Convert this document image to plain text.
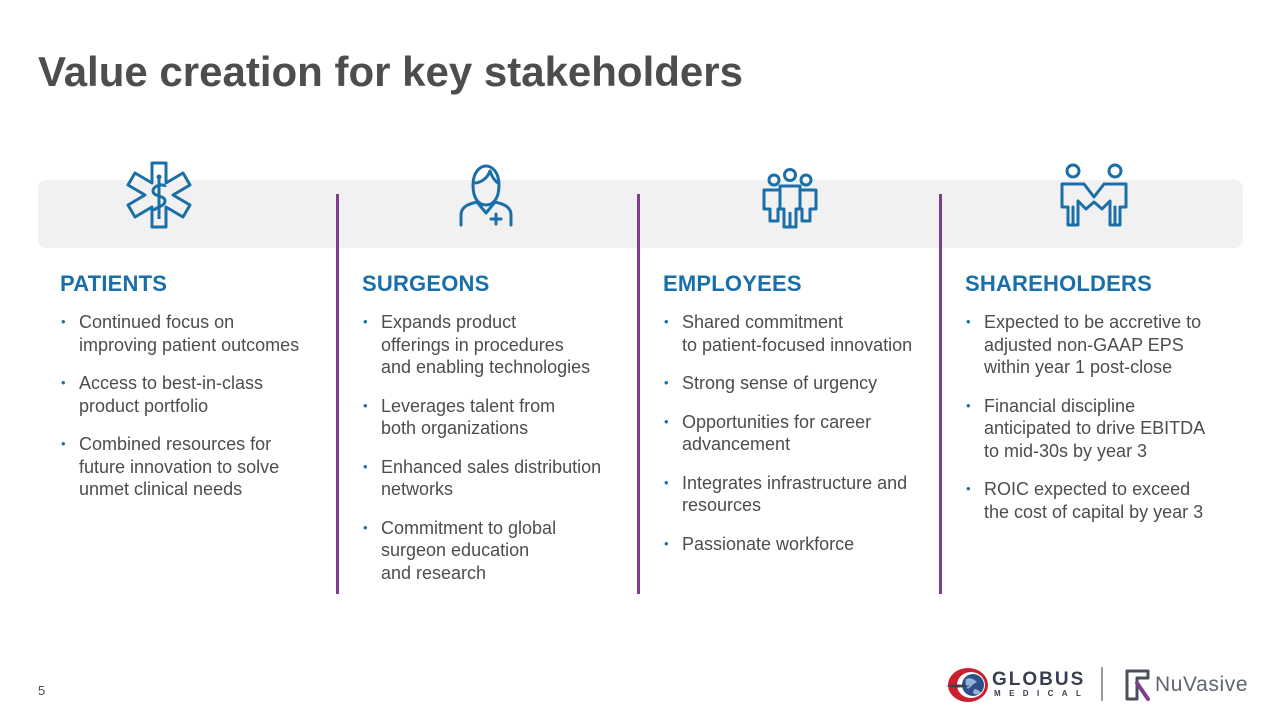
Value creation for key stakeholders
PATIENTS
• Continued focus on
improving patient outcomes
• Access to best-in-class
product portfolio
• Combined resources for
future innovation to solve
unmet clinical needs
SURGEONS
• Expands product
offerings in procedures
and enabling technologies
• Leverages talent from
both organizations
• Enhanced sales distribution
networks
• Commitment to global
surgeon education
and research
EMPLOYEES
• Shared commitment
to patient-focused innovation
• Strong sense of urgency
• Opportunities for career
advancement
• Integrates infrastructure and
resources
• Passionate workforce
SHAREHOLDERS
• Expected to be accretive to
adjusted non-GAAP EPS
within year 1 post-close
• Financial discipline
anticipated to drive EBITDA
to mid-30s by year 3
• ROIC expected to exceed
the cost of capital by year 3
5
GLOBUS
MEDICAL	NuVasive
